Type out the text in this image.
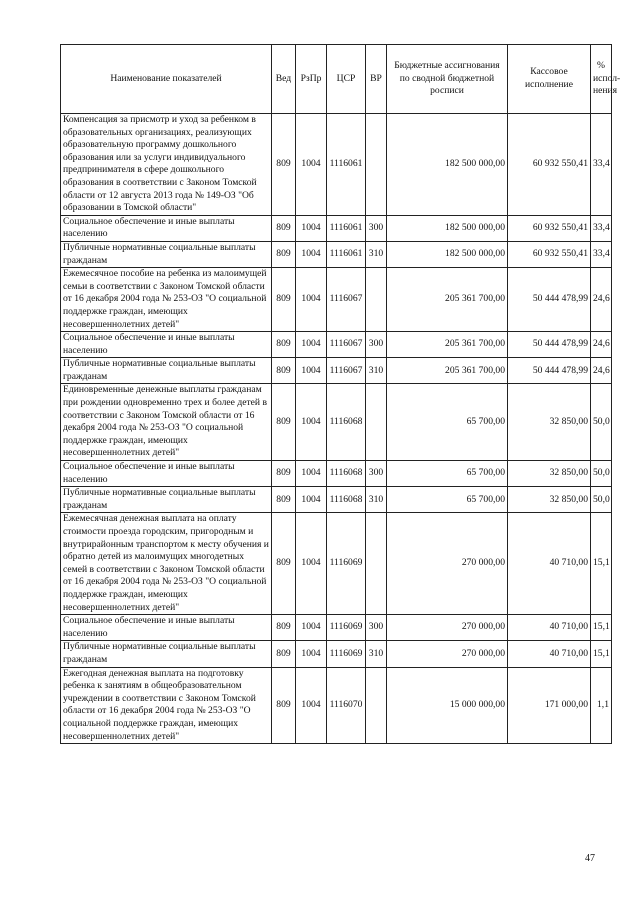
Наименование показателей	Вед	РзПр	ЦСР	ВР	Бюджетные ассигнования по сводной бюджетной росписи	Кассовое исполнение	% испол-нения
Компенсация за присмотр и уход за ребенком в образовательных организациях, реализующих образовательную программу дошкольного образования или за услуги индивидуального предпринимателя в сфере дошкольного образования в соответствии с Законом Томской области от 12 августа 2013 года № 149-ОЗ "Об образовании в Томской области"	809	1004	1116061		182 500 000,00	60 932 550,41	33,4
Социальное обеспечение и иные выплаты населению	809	1004	1116061	300	182 500 000,00	60 932 550,41	33,4
Публичные нормативные социальные выплаты гражданам	809	1004	1116061	310	182 500 000,00	60 932 550,41	33,4
Ежемесячное пособие на ребенка из малоимущей семьи в соответствии с Законом Томской области от 16 декабря 2004 года № 253-ОЗ "О социальной поддержке граждан, имеющих несовершеннолетних детей"	809	1004	1116067		205 361 700,00	50 444 478,99	24,6
Социальное обеспечение и иные выплаты населению	809	1004	1116067	300	205 361 700,00	50 444 478,99	24,6
Публичные нормативные социальные выплаты гражданам	809	1004	1116067	310	205 361 700,00	50 444 478,99	24,6
Единовременные денежные выплаты гражданам при рождении одновременно трех и более детей в соответствии с Законом Томской области от 16 декабря 2004 года № 253-ОЗ "О социальной поддержке граждан, имеющих несовершеннолетних детей"	809	1004	1116068		65 700,00	32 850,00	50,0
Социальное обеспечение и иные выплаты населению	809	1004	1116068	300	65 700,00	32 850,00	50,0
Публичные нормативные социальные выплаты гражданам	809	1004	1116068	310	65 700,00	32 850,00	50,0
Ежемесячная денежная выплата на оплату стоимости проезда городским, пригородным и внутрирайонным транспортом к месту обучения и обратно детей из малоимущих многодетных семей в соответствии с Законом Томской области от 16 декабря 2004 года № 253-ОЗ "О социальной поддержке граждан, имеющих несовершеннолетних детей"	809	1004	1116069		270 000,00	40 710,00	15,1
Социальное обеспечение и иные выплаты населению	809	1004	1116069	300	270 000,00	40 710,00	15,1
Публичные нормативные социальные выплаты гражданам	809	1004	1116069	310	270 000,00	40 710,00	15,1
Ежегодная денежная выплата на подготовку ребенка к занятиям в общеобразовательном учреждении в соответствии с Законом Томской области от 16 декабря 2004 года № 253-ОЗ "О социальной поддержке граждан, имеющих несовершеннолетних детей"	809	1004	1116070		15 000 000,00	171 000,00	1,1
47
